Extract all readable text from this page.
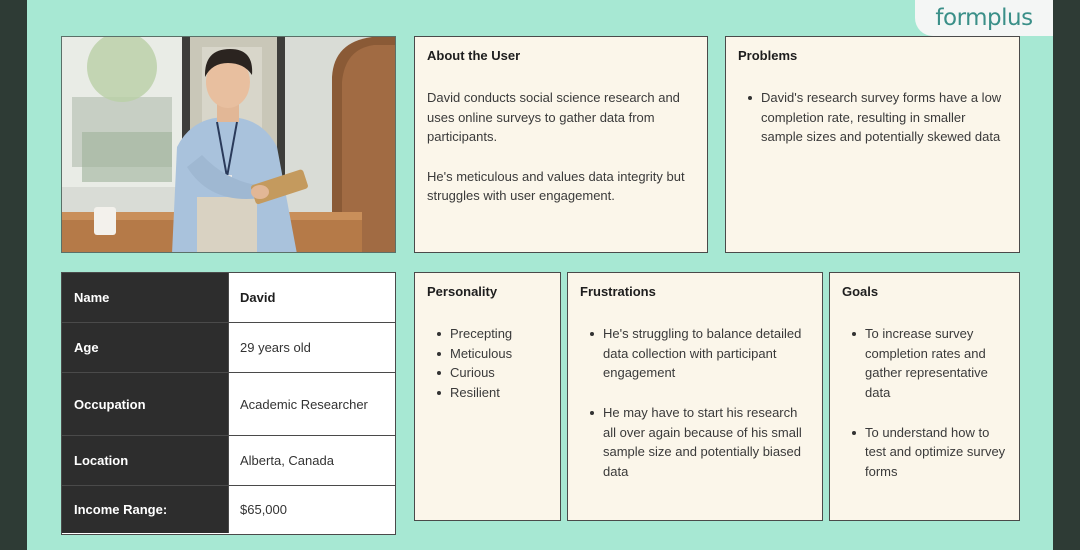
formplus
About the User

David conducts social science research and uses online surveys to gather data from participants.

He's meticulous and values data integrity but struggles with user engagement.

Problems
David's research survey forms have a low completion rate, resulting in smaller sample sizes and potentially skewed data
Name	David
Age	29 years old
Occupation	Academic Researcher
Location	Alberta, Canada
Income Range:	$65,000
Personality
Precepting
Meticulous
Curious
Resilient
Frustrations
He's struggling to balance detailed data collection with participant engagement
He may have to start his research all over again because of his small sample size and potentially biased data
Goals
To increase survey completion rates and gather representative data
To understand how to test and optimize survey forms
